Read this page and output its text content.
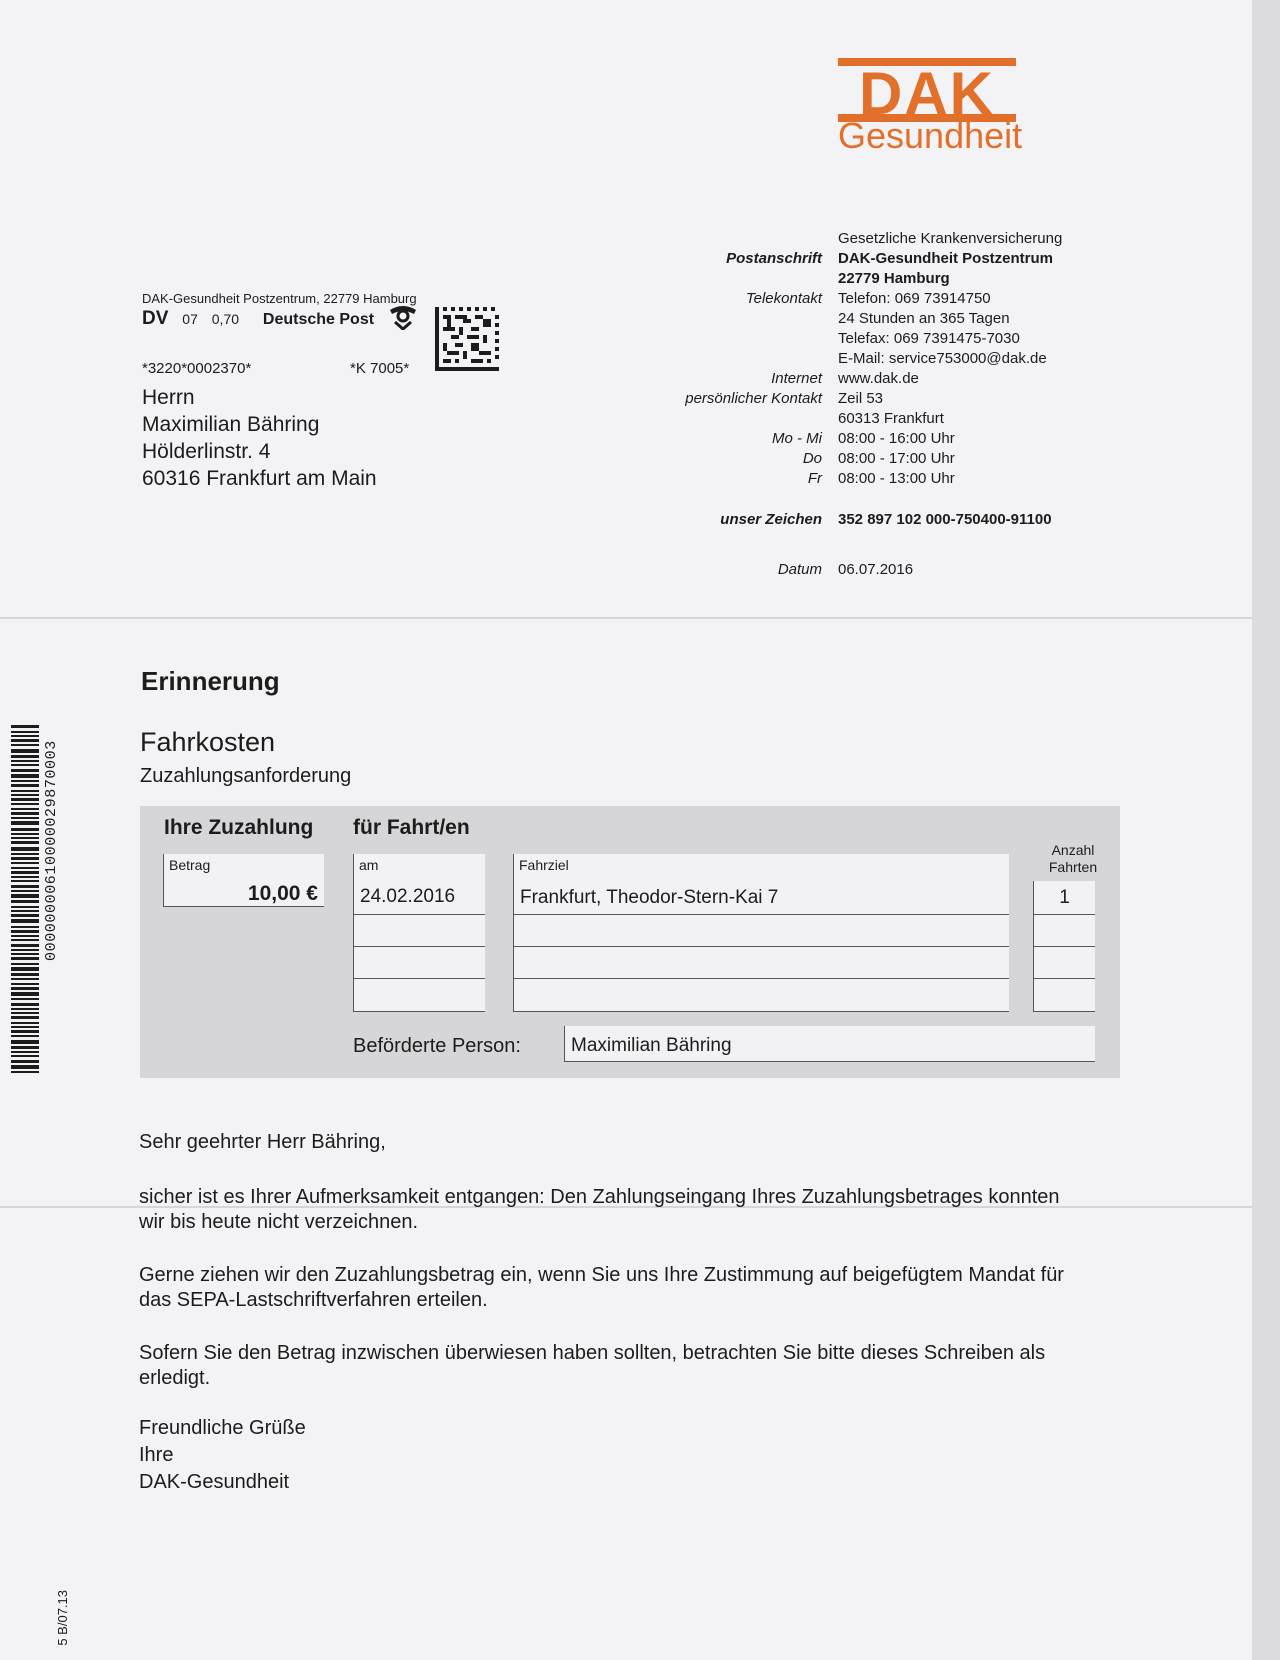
DAK
Gesundheit
DAK-Gesundheit Postzentrum, 22779 Hamburg
DV 07 0,70 Deutsche Post
*3220*0002370*	*K 7005*
Herrn
Maximilian Bähring
Hölderlinstr. 4
60316 Frankfurt am Main
Gesetzliche Krankenversicherung
Postanschrift DAK-Gesundheit Postzentrum
22779 Hamburg
Telekontakt Telefon: 069 73914750
24 Stunden an 365 Tagen
Telefax: 069 7391475-7030
E-Mail: service753000@dak.de
Internet www.dak.de
persönlicher Kontakt Zeil 53
60313 Frankfurt
Mo - Mi 08:00 - 16:00 Uhr
Do 08:00 - 17:00 Uhr
Fr 08:00 - 13:00 Uhr
unser Zeichen 352 897 102 000-750400-91100
Datum 06.07.2016
Erinnerung
Fahrkosten
Zuzahlungsanforderung
Ihre Zuzahlung für Fahrt/en
Betrag
10,00 €
am
24.02.2016
Fahrziel
Frankfurt, Theodor-Stern-Kai 7
Anzahl
Fahrten
1
Beförderte Person:	Maximilian Bähring
Sehr geehrter Herr Bähring,
sicher ist es Ihrer Aufmerksamkeit entgangen: Den Zahlungseingang Ihres Zuzahlungsbetrages konnten
wir bis heute nicht verzeichnen.
Gerne ziehen wir den Zuzahlungsbetrag ein, wenn Sie uns Ihre Zustimmung auf beigefügtem Mandat für
das SEPA-Lastschriftverfahren erteilen.
Sofern Sie den Betrag inzwischen überwiesen haben sollten, betrachten Sie bitte dieses Schreiben als
erledigt.
Freundliche Grüße
Ihre
DAK-Gesundheit
00000000610000029870003
5 B/07.13
